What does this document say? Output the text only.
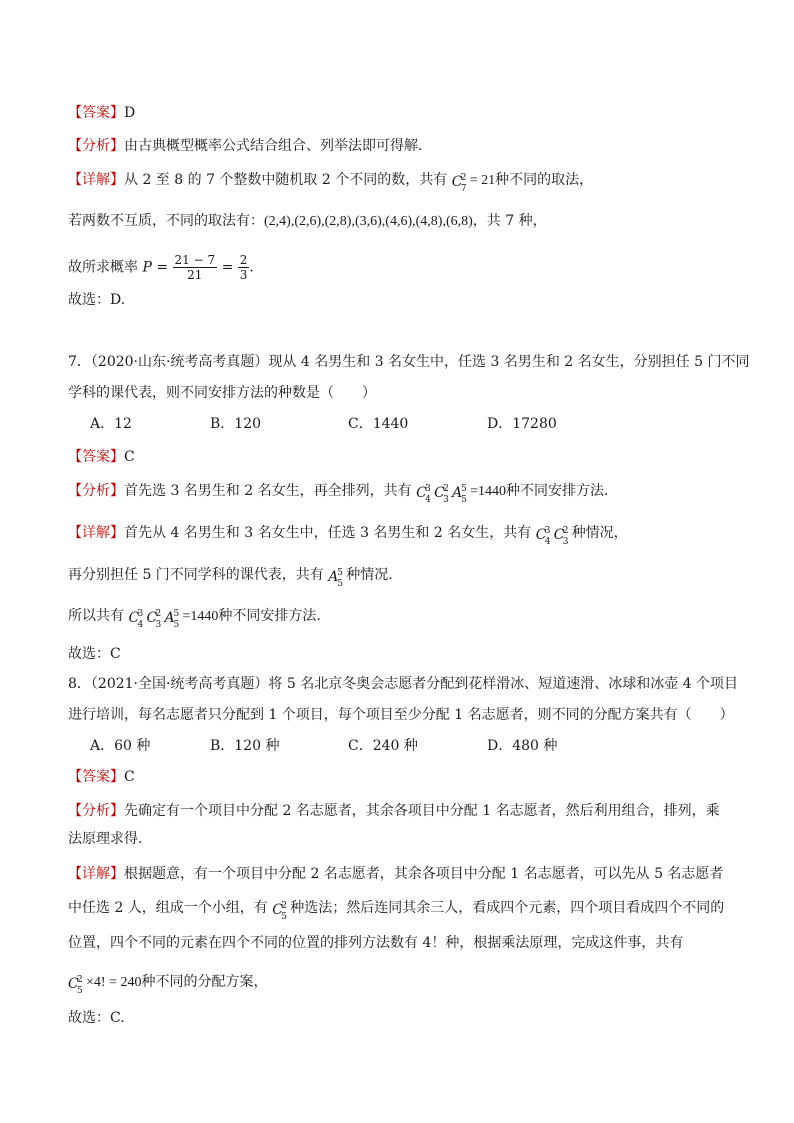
【答案】D
【分析】由古典概型概率公式结合组合、列举法即可得解.
【详解】从 2 至 8 的 7 个整数中随机取 2 个不同的数，共有 C
2
7
= 21种不同的取法，
若两数不互质，不同的取法有：(2,4),(2,6),(2,8),(3,6),(4,6),(4,8),(6,8)，共 7 种，
故所求概率 $P = \frac{21 - 7}{21} = \frac{2}{3}$ .
故选：D.
7．（2020·山东·统考高考真题）现从 4 名男生和 3 名女生中，任选 3 名男生和 2 名女生，分别担任 5 门不同
学科的课代表，则不同安排方法的种数是（　　）
A．12	B．120	C．1440	D．17280
【答案】C
【分析】首先选 3 名男生和 2 名女生，再全排列，共有 C
3
4 C
2
3 A
5
5
=1440种不同安排方法.
【详解】首先从 4 名男生和 3 名女生中，任选 3 名男生和 2 名女生，共有 C
3
4 C
2
3
种情况，
再分别担任 5 门不同学科的课代表，共有 A
5
5
种情况.
所以共有 C
3
4 C
2
3 A
5
5
=1440种不同安排方法.
故选：C
8．（2021·全国·统考高考真题）将 5 名北京冬奥会志愿者分配到花样滑冰、短道速滑、冰球和冰壶 4 个项目
进行培训，每名志愿者只分配到 1 个项目，每个项目至少分配 1 名志愿者，则不同的分配方案共有（　　）
A．60 种	B．120 种	C．240 种	D．480 种
【答案】C
【分析】先确定有一个项目中分配 2 名志愿者，其余各项目中分配 1 名志愿者，然后利用组合，排列，乘
法原理求得.
【详解】根据题意，有一个项目中分配 2 名志愿者，其余各项目中分配 1 名志愿者，可以先从 5 名志愿者
中任选 2 人，组成一个小组，有 C
2
5
种选法；然后连同其余三人，看成四个元素，四个项目看成四个不同的
位置，四个不同的元素在四个不同的位置的排列方法数有 4！种，根据乘法原理，完成这件事，共有
C
2
5
×4! = 240种不同的分配方案，
故选：C.
